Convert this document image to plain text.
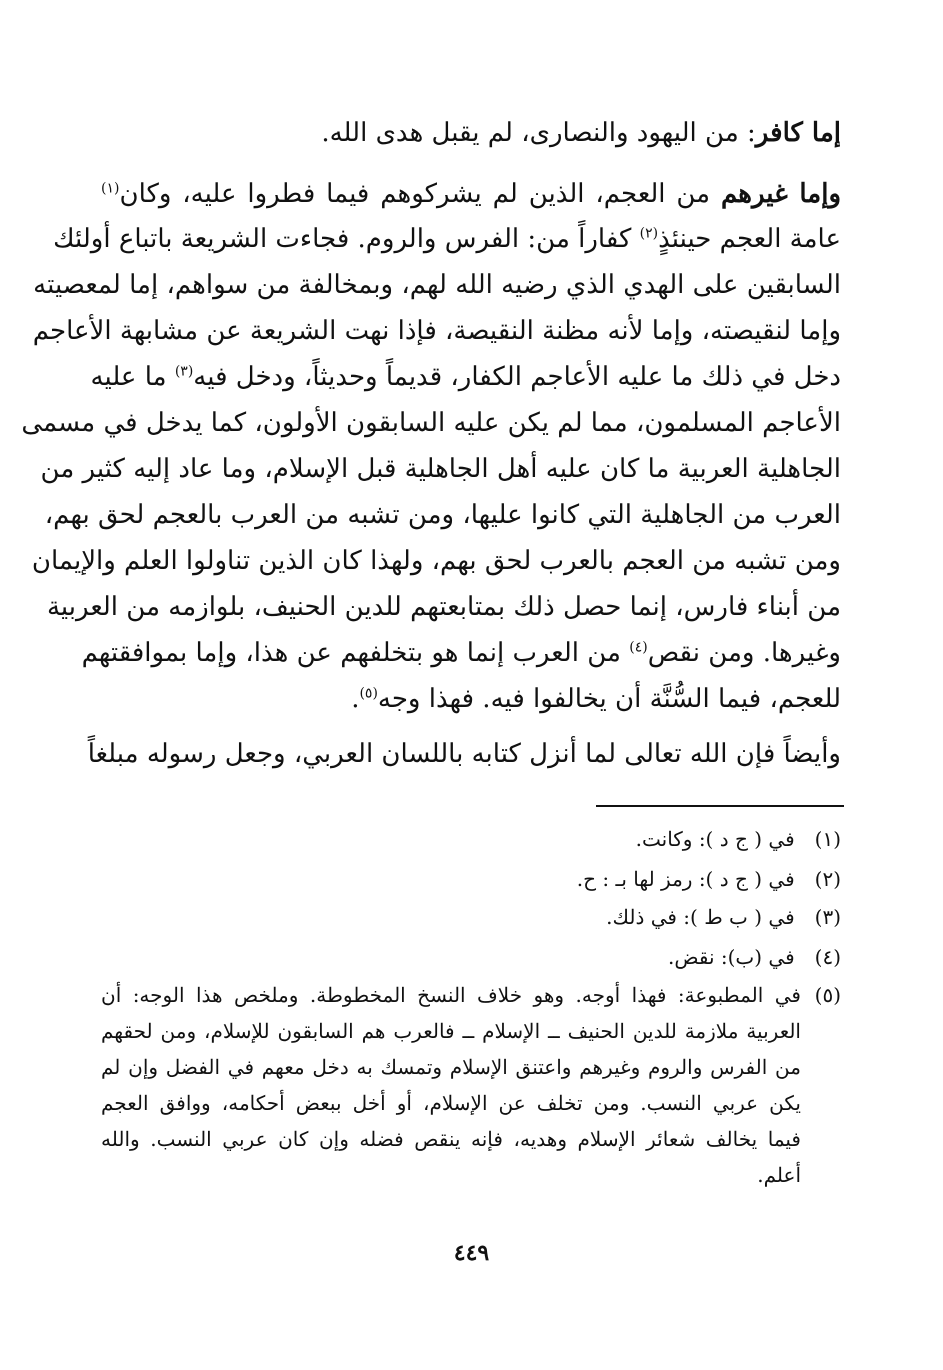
إما كافر: من اليهود والنصارى، لم يقبل هدى الله.
وإما غيرهم من العجم، الذين لم يشركوهم فيما فطروا عليه، وكان$^{(١)}$
عامة العجم حينئذٍ$^{(٢)}$ كفاراً من: الفرس والروم. فجاءت الشريعة باتباع أولئك
السابقين على الهدي الذي رضيه الله لهم، وبمخالفة من سواهم، إما لمعصيته
وإما لنقيصته، وإما لأنه مظنة النقيصة، فإذا نهت الشريعة عن مشابهة الأعاجم
دخل في ذلك ما عليه الأعاجم الكفار، قديماً وحديثاً، ودخل فيه$^{(٣)}$ ما عليه
الأعاجم المسلمون، مما لم يكن عليه السابقون الأولون، كما يدخل في مسمى
الجاهلية العربية ما كان عليه أهل الجاهلية قبل الإسلام، وما عاد إليه كثير من
العرب من الجاهلية التي كانوا عليها، ومن تشبه من العرب بالعجم لحق بهم،
ومن تشبه من العجم بالعرب لحق بهم، ولهذا كان الذين تناولوا العلم والإيمان
من أبناء فارس، إنما حصل ذلك بمتابعتهم للدين الحنيف، بلوازمه من العربية
وغيرها. ومن نقص$^{(٤)}$ من العرب إنما هو بتخلفهم عن هذا، وإما بموافقتهم
للعجم، فيما السُّنَّة أن يخالفوا فيه. فهذا وجه$^{(٥)}$.
وأيضاً فإن الله تعالى لما أنزل كتابه باللسان العربي، وجعل رسوله مبلغاً
(١) في ( ج د ): وكانت.
(٢) في ( ج د ): رمز لها بـ : ح.
(٣) في ( ب ط ): في ذلك.
(٤) في (ب): نقض.
(٥)
في المطبوعة: فهذا أوجه. وهو خلاف النسخ المخطوطة. وملخص هذا الوجه: أن
العربية ملازمة للدين الحنيف ــ الإسلام ــ فالعرب هم السابقون للإسلام، ومن لحقهم
من الفرس والروم وغيرهم واعتنق الإسلام وتمسك به دخل معهم في الفضل وإن لم
يكن عربي النسب. ومن تخلف عن الإسلام، أو أخل ببعض أحكامه، ووافق العجم
فيما يخالف شعائر الإسلام وهديه، فإنه ينقص فضله وإن كان عربي النسب. والله
أعلم.
٤٤٩
